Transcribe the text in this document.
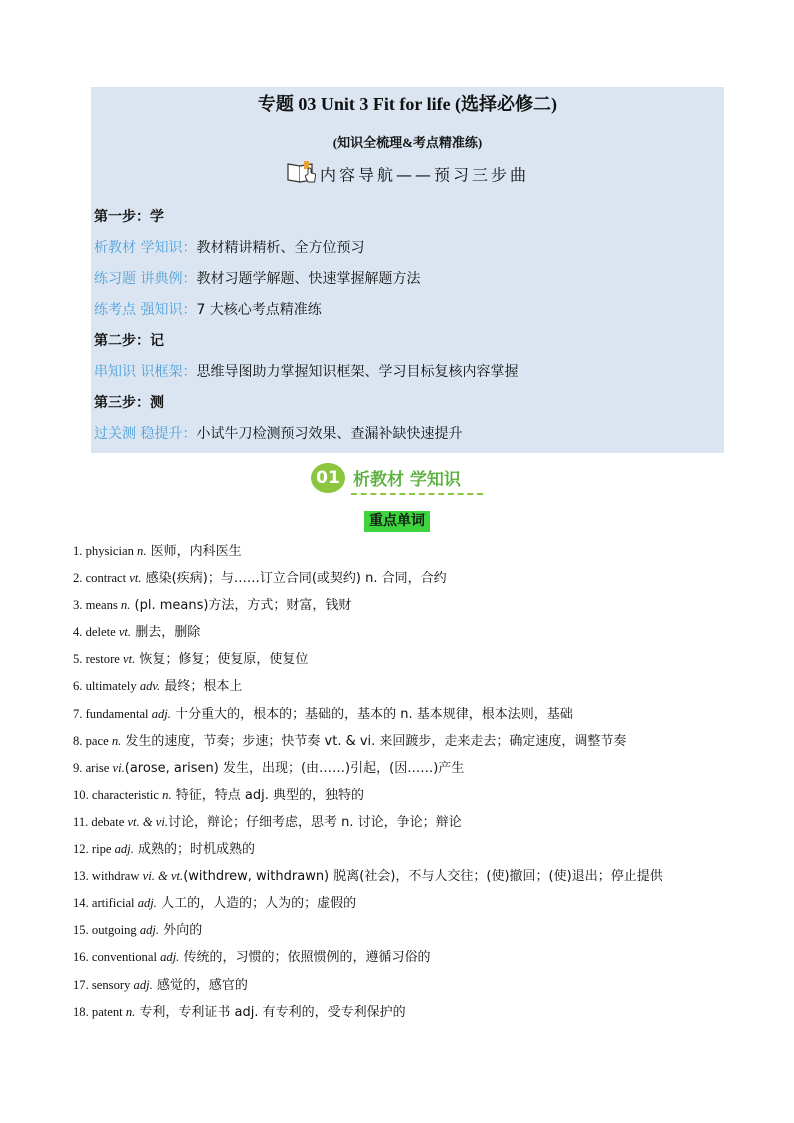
专题 03 Unit 3 Fit for life (选择必修二)
(知识全梳理&考点精准练)
内容导航——预习三步曲
第一步：学
析教材 学知识：教材精讲精析、全方位预习
练习题 讲典例：教材习题学解题、快速掌握解题方法
练考点 强知识：7 大核心考点精准练
第二步：记
串知识 识框架：思维导图助力掌握知识框架、学习目标复核内容掌握
第三步：测
过关测 稳提升：小试牛刀检测预习效果、查漏补缺快速提升
01 析教材 学知识
重点单词
1. physician n. 医师，内科医生
2. contract vt. 感染(疾病)；与……订立合同(或契约) n. 合同，合约
3. means n. (pl. means)方法，方式；财富，钱财
4. delete vt. 删去，删除
5. restore vt. 恢复；修复；使复原，使复位
6. ultimately adv. 最终；根本上
7. fundamental adj. 十分重大的，根本的；基础的，基本的 n. 基本规律，根本法则，基础
8. pace n. 发生的速度，节奏；步速；快节奏 vt. & vi. 来回踱步，走来走去；确定速度，调整节奏
9. arise vi.(arose, arisen) 发生，出现；(由……)引起，(因……)产生
10. characteristic n. 特征，特点 adj. 典型的，独特的
11. debate vt. & vi.讨论，辩论；仔细考虑，思考 n. 讨论，争论；辩论
12. ripe adj. 成熟的；时机成熟的
13. withdraw vi. & vt.(withdrew, withdrawn) 脱离(社会)，不与人交往；(使)撤回；(使)退出；停止提供
14. artificial adj. 人工的，人造的；人为的；虚假的
15. outgoing adj. 外向的
16. conventional adj. 传统的，习惯的；依照惯例的，遵循习俗的
17. sensory adj. 感觉的，感官的
18. patent n. 专利，专利证书 adj. 有专利的，受专利保护的
